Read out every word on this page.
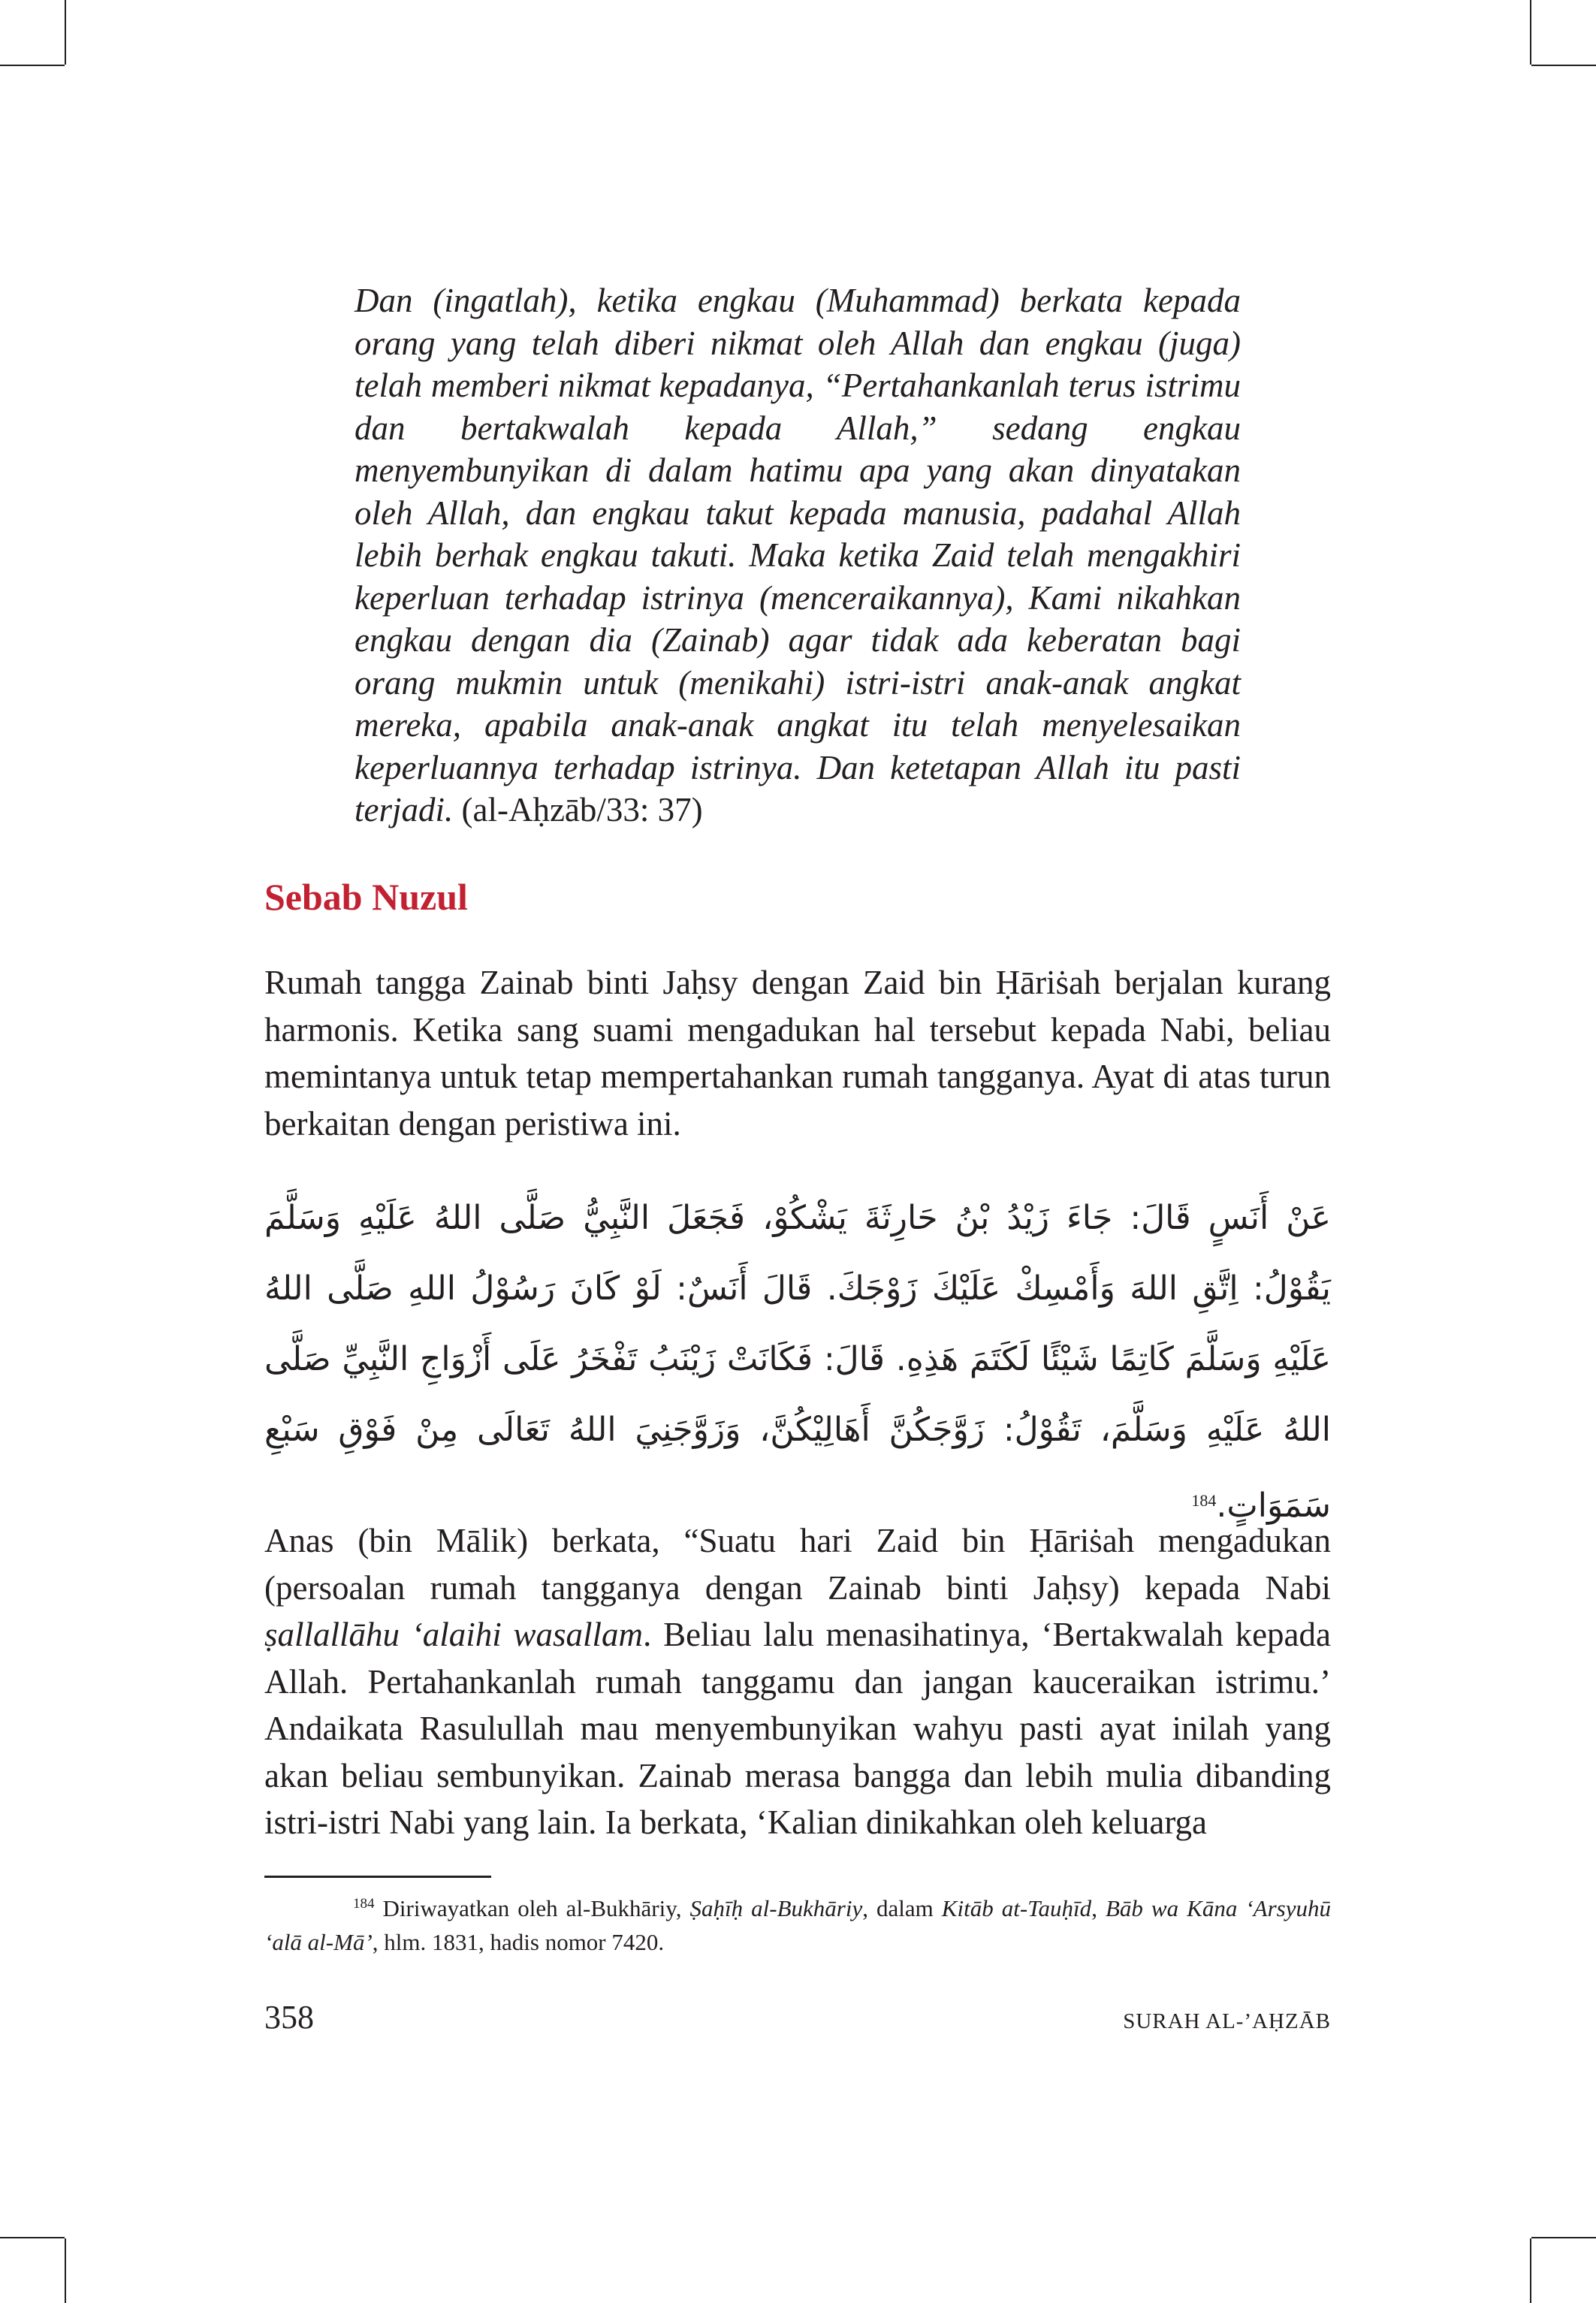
Dan (ingatlah), ketika engkau (Muhammad) berkata kepada orang yang telah diberi nikmat oleh Allah dan engkau (juga) telah memberi nikmat kepadanya, “Pertahankanlah terus istrimu dan bertakwalah kepada Allah,” sedang engkau menyembunyikan di dalam hatimu apa yang akan dinyatakan oleh Allah, dan engkau takut kepada manusia, padahal Allah lebih berhak engkau takuti. Maka ketika Zaid telah mengakhiri keperluan terhadap istrinya (menceraikannya), Kami nikahkan engkau dengan dia (Zainab) agar tidak ada keberatan bagi orang mukmin untuk (menikahi) istri-istri anak-anak angkat mereka, apabila anak-anak angkat itu telah menyelesaikan keperluannya terhadap istrinya. Dan ketetapan Allah itu pasti terjadi. (al-Aḥzāb/33: 37)
Sebab Nuzul
Rumah tangga Zainab binti Jaḥsy dengan Zaid bin Ḥāriṡah berjalan kurang harmonis. Ketika sang suami mengadukan hal tersebut kepada Nabi, beliau memintanya untuk tetap mempertahankan rumah tangganya. Ayat di atas turun berkaitan dengan peristiwa ini.
عَنْ أَنَسٍ قَالَ: جَاءَ زَيْدُ بْنُ حَارِثَةَ يَشْكُوْ، فَجَعَلَ النَّبِيُّ صَلَّى اللهُ عَلَيْهِ وَسَلَّمَ يَقُوْلُ: اِتَّقِ اللهَ وَأَمْسِكْ عَلَيْكَ زَوْجَكَ. قَالَ أَنَسٌ: لَوْ كَانَ رَسُوْلُ اللهِ صَلَّى اللهُ عَلَيْهِ وَسَلَّمَ كَاتِمًا شَيْئًا لَكَتَمَ هَذِهِ. قَالَ: فَكَانَتْ زَيْنَبُ تَفْخَرُ عَلَى أَزْوَاجِ النَّبِيِّ صَلَّى اللهُ عَلَيْهِ وَسَلَّمَ، تَقُوْلُ: زَوَّجَكُنَّ أَهَالِيْكُنَّ، وَزَوَّجَنِيَ اللهُ تَعَالَى مِنْ فَوْقِ سَبْعِ سَمَوَاتٍ.$^{184}$
Anas (bin Mālik) berkata, “Suatu hari Zaid bin Ḥāriṡah mengadukan (persoalan rumah tangganya dengan Zainab binti Jaḥsy) kepada Nabi ṣallallāhu ‘alaihi wasallam. Beliau lalu menasihatinya, ‘Bertakwalah kepada Allah. Pertahankanlah rumah tanggamu dan jangan kauceraikan istrimu.’ Andaikata Rasulullah mau menyembunyikan wahyu pasti ayat inilah yang akan beliau sembunyikan. Zainab merasa bangga dan lebih mulia dibanding istri-istri Nabi yang lain. Ia berkata, ‘Kalian dinikahkan oleh keluarga
$^{184}$ Diriwayatkan oleh al-Bukhāriy, Ṣaḥīḥ al-Bukhāriy, dalam Kitāb at-Tauḥīd, Bāb wa Kāna ‘Arsyuhū ‘alā al-Mā’, hlm. 1831, hadis nomor 7420.
358	SURAH AL-’AḤZĀB
